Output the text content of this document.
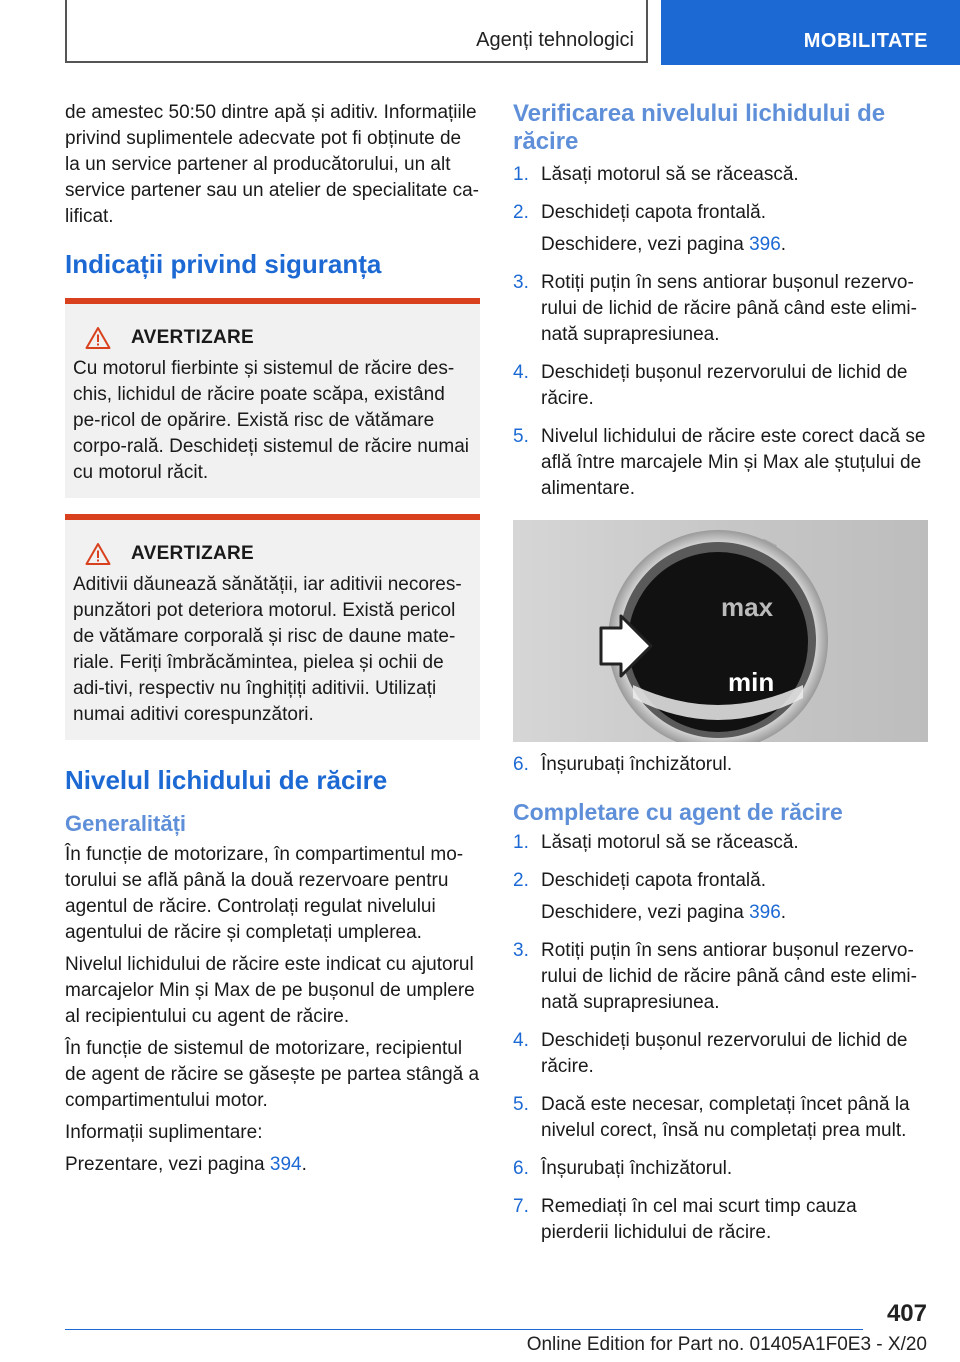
Agenți tehnologici	MOBILITATE

de amestec 50:50 dintre apă și aditiv. Informațiile privind suplimentele adecvate pot fi obținute de la un service partener al producătorului, un alt service partener sau un atelier de specialitate ca-lificat.

Indicații privind siguranța
AVERTIZARE

Cu motorul fierbinte și sistemul de răcire des-chis, lichidul de răcire poate scăpa, existând pe-ricol de opărire. Există risc de vătămare corpo-rală. Deschideți sistemul de răcire numai cu motorul răcit.

AVERTIZARE

Aditivii dăunează sănătății, iar aditivii necores-punzători pot deteriora motorul. Există pericol de vătămare corporală și risc de daune mate-riale. Feriți îmbrăcămintea, pielea și ochii de adi-tivi, respectiv nu înghițiți aditivii. Utilizați numai aditivi corespunzători.

Nivelul lichidului de răcire
Generalități

În funcție de motorizare, în compartimentul mo-torului se află până la două rezervoare pentru agentul de răcire. Controlați regulat nivelului agentului de răcire și completați umplerea.

Nivelul lichidului de răcire este indicat cu ajutorul marcajelor Min și Max de pe bușonul de umplere al recipientului cu agent de răcire.

În funcție de sistemul de motorizare, recipientul de agent de răcire se găsește pe partea stângă a compartimentului motor.

Informații suplimentare:

Prezentare, vezi pagina 394.

Verificarea nivelului lichidului de răcire
1. Lăsați motorul să se răcească.

2. Deschideți capota frontală.

Deschidere, vezi pagina 396.

3. Rotiți puțin în sens antiorar bușonul rezervo-rului de lichid de răcire până când este elimi-nată suprapresiunea.

4. Deschideți bușonul rezervorului de lichid de răcire.

5. Nivelul lichidului de răcire este corect dacă se află între marcajele Min și Max ale ștuțului de alimentare.

max
min
6. Înșurubați închizătorul.

Completare cu agent de răcire
1. Lăsați motorul să se răcească.

2. Deschideți capota frontală.

Deschidere, vezi pagina 396.

3. Rotiți puțin în sens antiorar bușonul rezervo-rului de lichid de răcire până când este elimi-nată suprapresiunea.

4. Deschideți bușonul rezervorului de lichid de răcire.

5. Dacă este necesar, completați încet până la nivelul corect, însă nu completați prea mult.

6. Înșurubați închizătorul.

7. Remediați în cel mai scurt timp cauza pierderii lichidului de răcire.

407
Online Edition for Part no. 01405A1F0E3 - X/20
